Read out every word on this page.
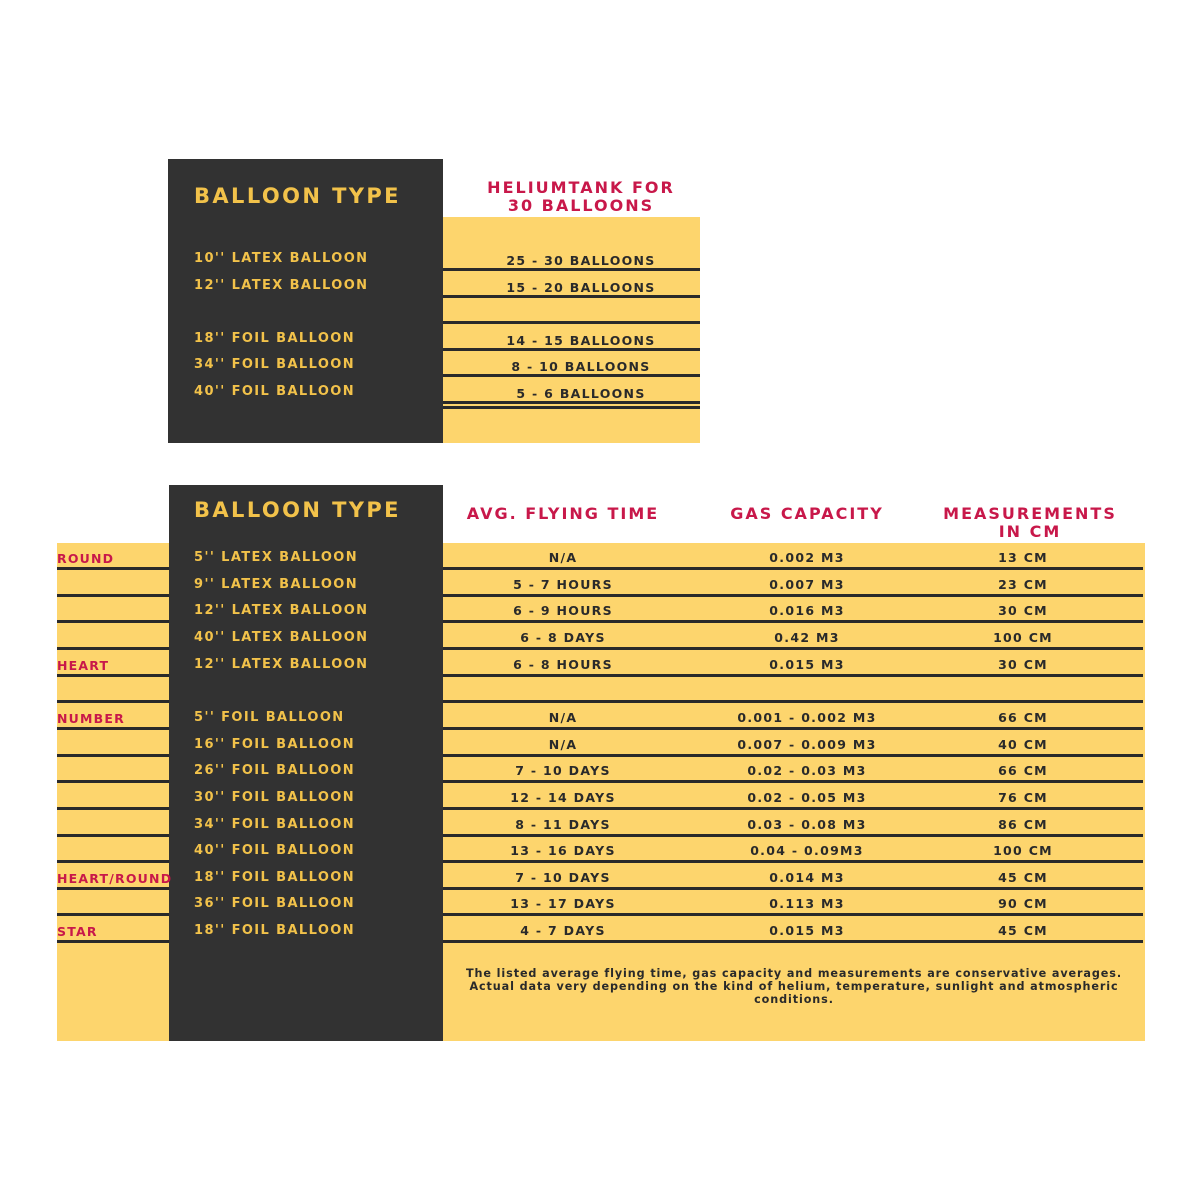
BALLOON TYPE	HELIUMTANK FOR
30 BALLOONS
10'' LATEX BALLOON	25 - 30 BALLOONS
12'' LATEX BALLOON	15 - 20 BALLOONS
18'' FOIL BALLOON	14 - 15 BALLOONS
34'' FOIL BALLOON	8 - 10 BALLOONS
40'' FOIL BALLOON	5 - 6 BALLOONS
BALLOON TYPE	AVG. FLYING TIME	GAS CAPACITY	MEASUREMENTS
IN CM
ROUND	5'' LATEX BALLOON	N/A	0.002 M3	13 CM
9'' LATEX BALLOON	5 - 7 HOURS	0.007 M3	23 CM
12'' LATEX BALLOON	6 - 9 HOURS	0.016 M3	30 CM
40'' LATEX BALLOON	6 - 8 DAYS	0.42 M3	100 CM
HEART	12'' LATEX BALLOON	6 - 8 HOURS	0.015 M3	30 CM
NUMBER	5'' FOIL BALLOON	N/A	0.001 - 0.002 M3	66 CM
16'' FOIL BALLOON	N/A	0.007 - 0.009 M3	40 CM
26'' FOIL BALLOON	7 - 10 DAYS	0.02 - 0.03 M3	66 CM
30'' FOIL BALLOON	12 - 14 DAYS	0.02 - 0.05 M3	76 CM
34'' FOIL BALLOON	8 - 11 DAYS	0.03 - 0.08 M3	86 CM
40'' FOIL BALLOON	13 - 16 DAYS	0.04 - 0.09M3	100 CM
HEART/ROUND 18'' FOIL BALLOON	7 - 10 DAYS	0.014 M3	45 CM
36'' FOIL BALLOON	13 - 17 DAYS	0.113 M3	90 CM
STAR	18'' FOIL BALLOON	4 - 7 DAYS	0.015 M3	45 CM
The listed average flying time, gas capacity and measurements are conservative averages.
Actual data very depending on the kind of helium, temperature, sunlight and atmospheric
conditions.
